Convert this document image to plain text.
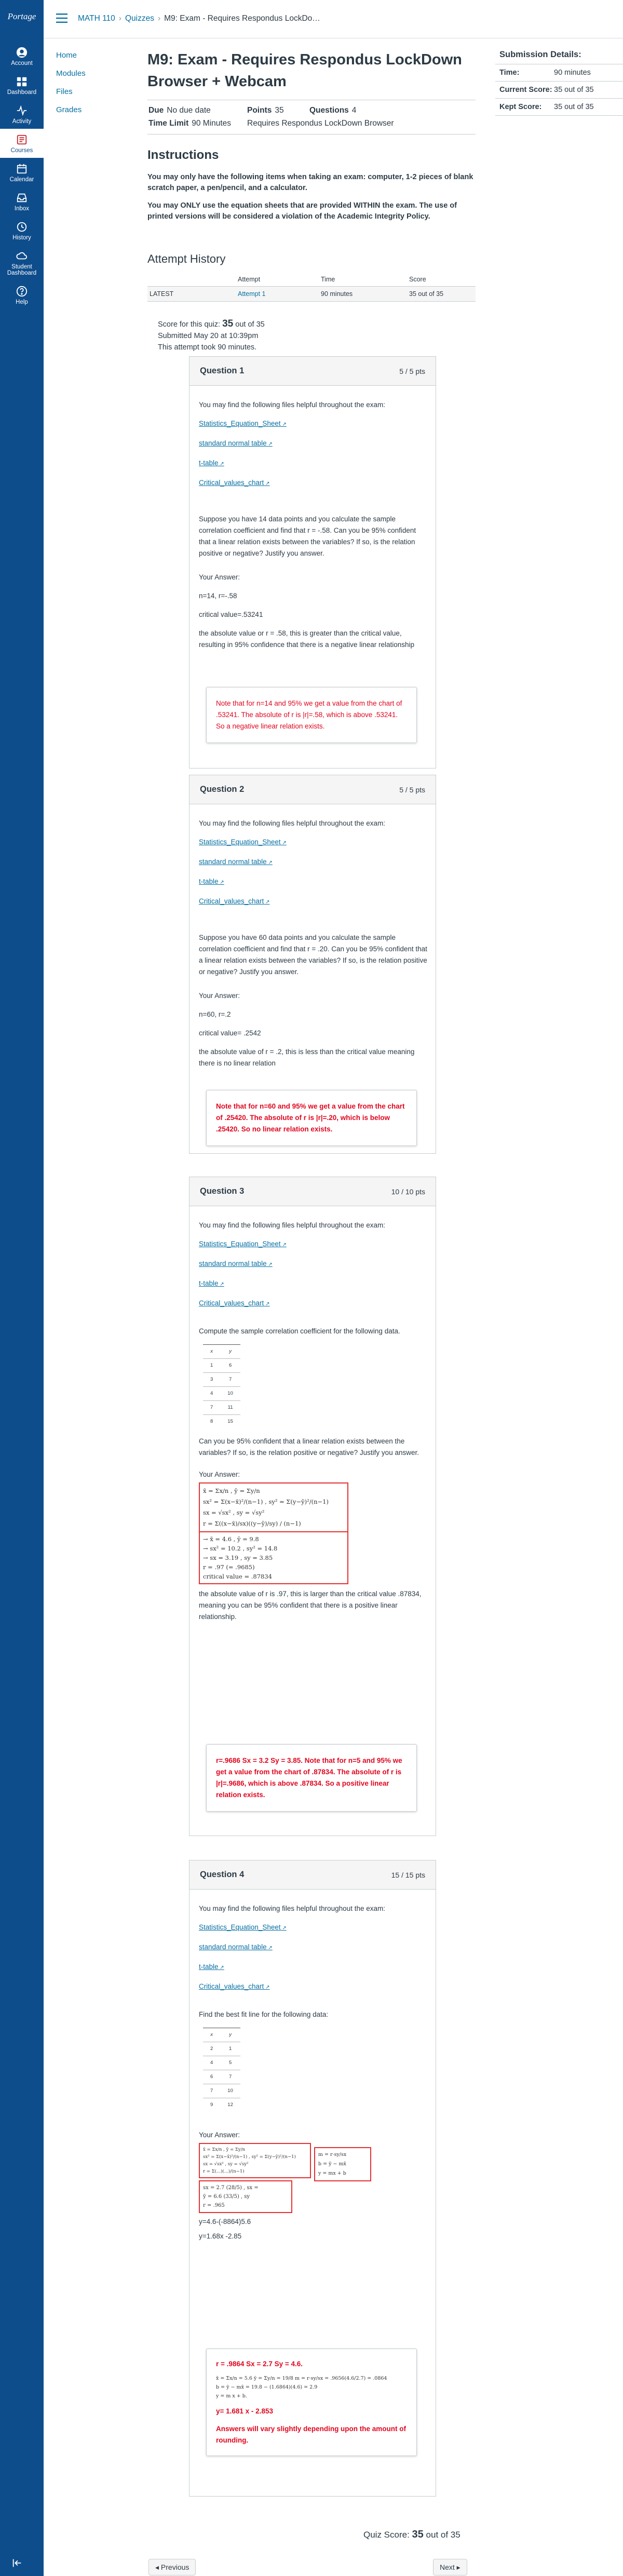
Portage
Account
Dashboard
Activity
Courses
Calendar
Inbox
History
Student
Dashboard
Help
MATH 110 › Quizzes › M9: Exam - Requires Respondus LockDo…
Home
Modules
Files
Grades
M9: Exam - Requires Respondus LockDown Browser + Webcam
Due No due date	Points 35	Questions 4
Time Limit 90 Minutes	Requires Respondus LockDown Browser
Instructions

You may only have the following items when taking an exam: computer, 1-2 pieces of blank scratch paper, a pen/pencil, and a calculator.

You may ONLY use the equation sheets that are provided WITHIN the exam. The use of printed versions will be considered a violation of the Academic Integrity Policy.

Attempt History
	Attempt	Time	Score
LATEST	Attempt 1	90 minutes	35 out of 35
Score for this quiz: 35 out of 35
Submitted May 20 at 10:39pm
This attempt took 90 minutes.
Submission Details:
Time:	90 minutes
Current Score: 35 out of 35
Kept Score:	35 out of 35
Question 1	5 / 5 pts

You may find the following files helpful throughout the exam:

Statistics_Equation_Sheet ↗
standard normal table ↗
t-table ↗
Critical_values_chart ↗

Suppose you have 14 data points and you calculate the sample correlation coefficient and find that r = -.58. Can you be 95% confident that a linear relation exists between the variables? If so, is the relation positive or negative? Justify you answer.

Your Answer:

n=14, r=-.58

critical value=.53241

the absolute value or r = .58, this is greater than the critical value, resulting in 95% confidence that there is a negative linear relationship

Note that for n=14 and 95% we get a value from the chart of .53241. The absolute of r is |r|=.58, which is above .53241. So a negative linear relation exists.
Question 2	5 / 5 pts

You may find the following files helpful throughout the exam:

Statistics_Equation_Sheet ↗
standard normal table ↗
t-table ↗
Critical_values_chart ↗

Suppose you have 60 data points and you calculate the sample correlation coefficient and find that r = .20. Can you be 95% confident that a linear relation exists between the variables? If so, is the relation positive or negative? Justify you answer.

Your Answer:

n=60, r=.2

critical value= .2542

the absolute value of r = .2, this is less than the critical value meaning there is no linear relation

Note that for n=60 and 95% we get a value from the chart of .25420. The absolute of r is |r|=.20, which is below .25420. So no linear relation exists.
Question 3	10 / 10 pts

You may find the following files helpful throughout the exam:

Statistics_Equation_Sheet ↗
standard normal table ↗
t-table ↗
Critical_values_chart ↗

Compute the sample correlation coefficient for the following data.

x	y
1	6
3	7
4	10
7	11
8	15

Can you be 95% confident that a linear relation exists between the variables? If so, is the relation positive or negative? Justify you answer.

Your Answer:

x̄ = Σx/n , ȳ = Σy/n
sx² = Σ(x−x̄)²/(n−1) , sy² = Σ(y−ȳ)²/(n−1)
sx = √sx² , sy = √sy²
r = Σ((x−x̄)/sx)((y−ȳ)/sy) / (n−1)

→ x̄ = 4.6 , ȳ = 9.8
→ sx² = 10.2 , sy² = 14.8
→ sx = 3.19 , sy = 3.85
r = .97 (= .9685)
critical value = .87834

the absolute value of r is .97, this is larger than the critical value .87834, meaning you can be 95% confident that there is a positive linear relationship.

r=.9686 Sx = 3.2 Sy = 3.85. Note that for n=5 and 95% we get a value from the chart of .87834. The absolute of r is |r|=.9686, which is above .87834. So a positive linear relation exists.
Question 4	15 / 15 pts

You may find the following files helpful throughout the exam:

Statistics_Equation_Sheet ↗
standard normal table ↗
t-table ↗
Critical_values_chart ↗

Find the best fit line for the following data:

x	y
2	1
4	5
6	7
7	10
9	12

Your Answer:

x̄ = Σx/n , ȳ = Σy/n
sx² = Σ(x−x̄)²/(n−1) , sy² = Σ(y−ȳ)²/(n−1)
sx = √sx² , sy = √sy²
r = Σ(...)(...)/(n−1)
m = r·sy/sx
b = ȳ − mx̄
y = mx + b
sx = 2.7 (28/5) , sx =
ȳ = 6.6 (33/5) , sy
r = .965

y=4.6-(-8864)5.6

y=1.68x -2.85

r = .9864 Sx = 2.7 Sy = 4.6.
x̄ = Σx/n = 5.6 ȳ = Σy/n = 19/8 m = r·sy/sx = .9656(4.6/2.7) = .0864
b = ȳ − mx̄ = 19.8 − (1.6864)(4.6) = 2.9
y = m x + b.
y= 1.681 x - 2.853
Answers will vary slightly depending upon the amount of rounding.
Quiz Score: 35 out of 35
◂ Previous	Next ▸
